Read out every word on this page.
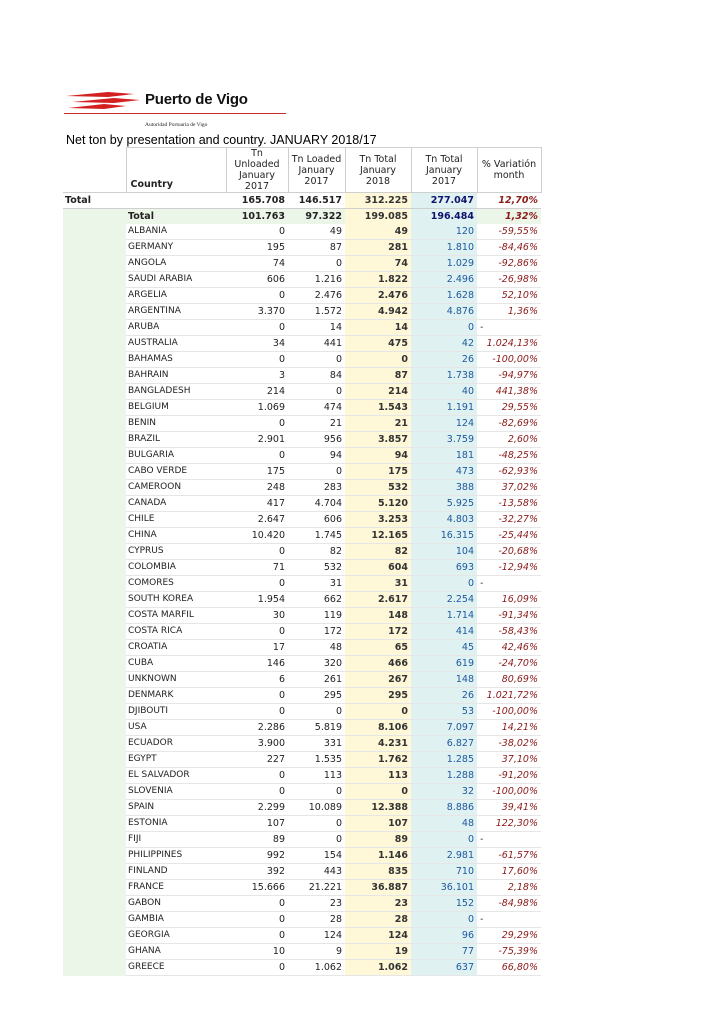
Puerto de Vigo
Autoridad Portuaria de Vigo
Net ton by presentation and country. JANUARY 2018/17
	Country	Tn Unloaded January 2017	Tn Loaded January 2017	Tn Total January 2018	Tn Total January 2017	% Variatión month
Total		165.708	146.517	312.225	277.047	12,70%
	Total	101.763	97.322	199.085	196.484	1,32%
	ALBANIA	0	49	49	120	-59,55%
	GERMANY	195	87	281	1.810	-84,46%
	ANGOLA	74	0	74	1.029	-92,86%
	SAUDI ARABIA	606	1.216	1.822	2.496	-26,98%
	ARGELIA	0	2.476	2.476	1.628	52,10%
	ARGENTINA	3.370	1.572	4.942	4.876	1,36%
	ARUBA	0	14	14	0	-
	AUSTRALIA	34	441	475	42	1.024,13%
	BAHAMAS	0	0	0	26	-100,00%
	BAHRAIN	3	84	87	1.738	-94,97%
	BANGLADESH	214	0	214	40	441,38%
	BELGIUM	1.069	474	1.543	1.191	29,55%
	BENIN	0	21	21	124	-82,69%
	BRAZIL	2.901	956	3.857	3.759	2,60%
	BULGARIA	0	94	94	181	-48,25%
	CABO VERDE	175	0	175	473	-62,93%
	CAMEROON	248	283	532	388	37,02%
	CANADA	417	4.704	5.120	5.925	-13,58%
	CHILE	2.647	606	3.253	4.803	-32,27%
	CHINA	10.420	1.745	12.165	16.315	-25,44%
	CYPRUS	0	82	82	104	-20,68%
	COLOMBIA	71	532	604	693	-12,94%
	COMORES	0	31	31	0	-
	SOUTH KOREA	1.954	662	2.617	2.254	16,09%
	COSTA MARFIL	30	119	148	1.714	-91,34%
	COSTA RICA	0	172	172	414	-58,43%
	CROATIA	17	48	65	45	42,46%
	CUBA	146	320	466	619	-24,70%
	UNKNOWN	6	261	267	148	80,69%
	DENMARK	0	295	295	26	1.021,72%
	DJIBOUTI	0	0	0	53	-100,00%
	USA	2.286	5.819	8.106	7.097	14,21%
	ECUADOR	3.900	331	4.231	6.827	-38,02%
	EGYPT	227	1.535	1.762	1.285	37,10%
	EL SALVADOR	0	113	113	1.288	-91,20%
	SLOVENIA	0	0	0	32	-100,00%
	SPAIN	2.299	10.089	12.388	8.886	39,41%
	ESTONIA	107	0	107	48	122,30%
	FIJI	89	0	89	0	-
	PHILIPPINES	992	154	1.146	2.981	-61,57%
	FINLAND	392	443	835	710	17,60%
	FRANCE	15.666	21.221	36.887	36.101	2,18%
	GABON	0	23	23	152	-84,98%
	GAMBIA	0	28	28	0	-
	GEORGIA	0	124	124	96	29,29%
	GHANA	10	9	19	77	-75,39%
	GREECE	0	1.062	1.062	637	66,80%
